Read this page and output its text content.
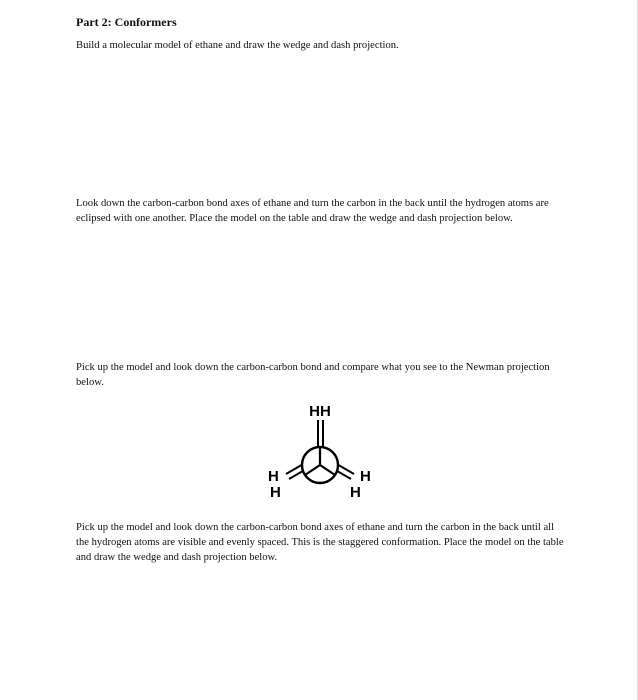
Part 2: Conformers
Build a molecular model of ethane and draw the wedge and dash projection.
Look down the carbon-carbon bond axes of ethane and turn the carbon in the back until the hydrogen atoms are eclipsed with one another. Place the model on the table and draw the wedge and dash projection below.
Pick up the model and look down the carbon-carbon bond and compare what you see to the Newman projection below.
HH
H
H
H
H
Pick up the model and look down the carbon-carbon bond axes of ethane and turn the carbon in the back until all the hydrogen atoms are visible and evenly spaced. This is the staggered conformation. Place the model on the table and draw the wedge and dash projection below.
